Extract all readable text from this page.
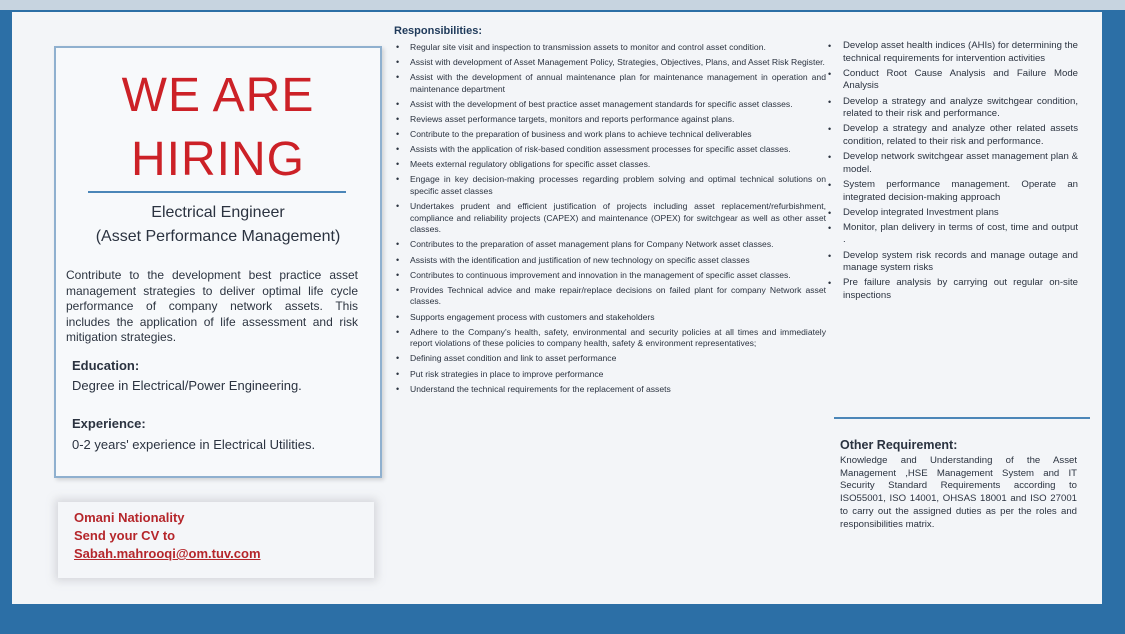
WE ARE
HIRING
Electrical Engineer
(Asset Performance Management)
Contribute to the development best practice asset management strategies to deliver optimal life cycle performance of company network assets. This includes the application of life assessment and risk mitigation strategies.
Education:
Degree in Electrical/Power Engineering.
Experience:
0-2 years' experience in Electrical Utilities.
Omani Nationality
Send your CV to
Sabah.mahrooqi@om.tuv.com
Responsibilities:
• Regular site visit and inspection to transmission assets to monitor and control asset condition.
• Assist with development of Asset Management Policy, Strategies, Objectives, Plans, and Asset Risk Register.
• Assist with the development of annual maintenance plan for maintenance management in operation and maintenance department
• Assist with the development of best practice asset management standards for specific asset classes.
• Reviews asset performance targets, monitors and reports performance against plans.
• Contribute to the preparation of business and work plans to achieve technical deliverables
• Assists with the application of risk-based condition assessment processes for specific asset classes.
• Meets external regulatory obligations for specific asset classes.
• Engage in key decision-making processes regarding problem solving and optimal technical solutions on specific asset classes
• Undertakes prudent and efficient justification of projects including asset replacement/refurbishment, compliance and reliability projects (CAPEX) and maintenance (OPEX) for switchgear as well as other asset classes.
• Contributes to the preparation of asset management plans for Company Network asset classes.
• Assists with the identification and justification of new technology on specific asset classes
• Contributes to continuous improvement and innovation in the management of specific asset classes.
• Provides Technical advice and make repair/replace decisions on failed plant for company Network asset classes.
• Supports engagement process with customers and stakeholders
• Adhere to the Company's health, safety, environmental and security policies at all times and immediately report violations of these policies to company health, safety & environment representatives;
• Defining asset condition and link to asset performance
• Put risk strategies in place to improve performance
• Understand the technical requirements for the replacement of assets
• Develop asset health indices (AHIs) for determining the technical requirements for intervention activities
• Conduct Root Cause Analysis and Failure Mode Analysis
• Develop a strategy and analyze switchgear condition, related to their risk and performance.
• Develop a strategy and analyze other related assets condition, related to their risk and performance.
• Develop network switchgear asset management plan & model.
• System performance management. Operate an integrated decision-making approach
• Develop integrated Investment plans
• Monitor, plan delivery in terms of cost, time and output .
• Develop system risk records and manage outage and manage system risks
• Pre failure analysis by carrying out regular on-site inspections
Other Requirement:
Knowledge and Understanding of the Asset Management ,HSE Management System and IT Security Standard Requirements according to ISO55001, ISO 14001, OHSAS 18001 and ISO 27001 to carry out the assigned duties as per the roles and responsibilities matrix.
